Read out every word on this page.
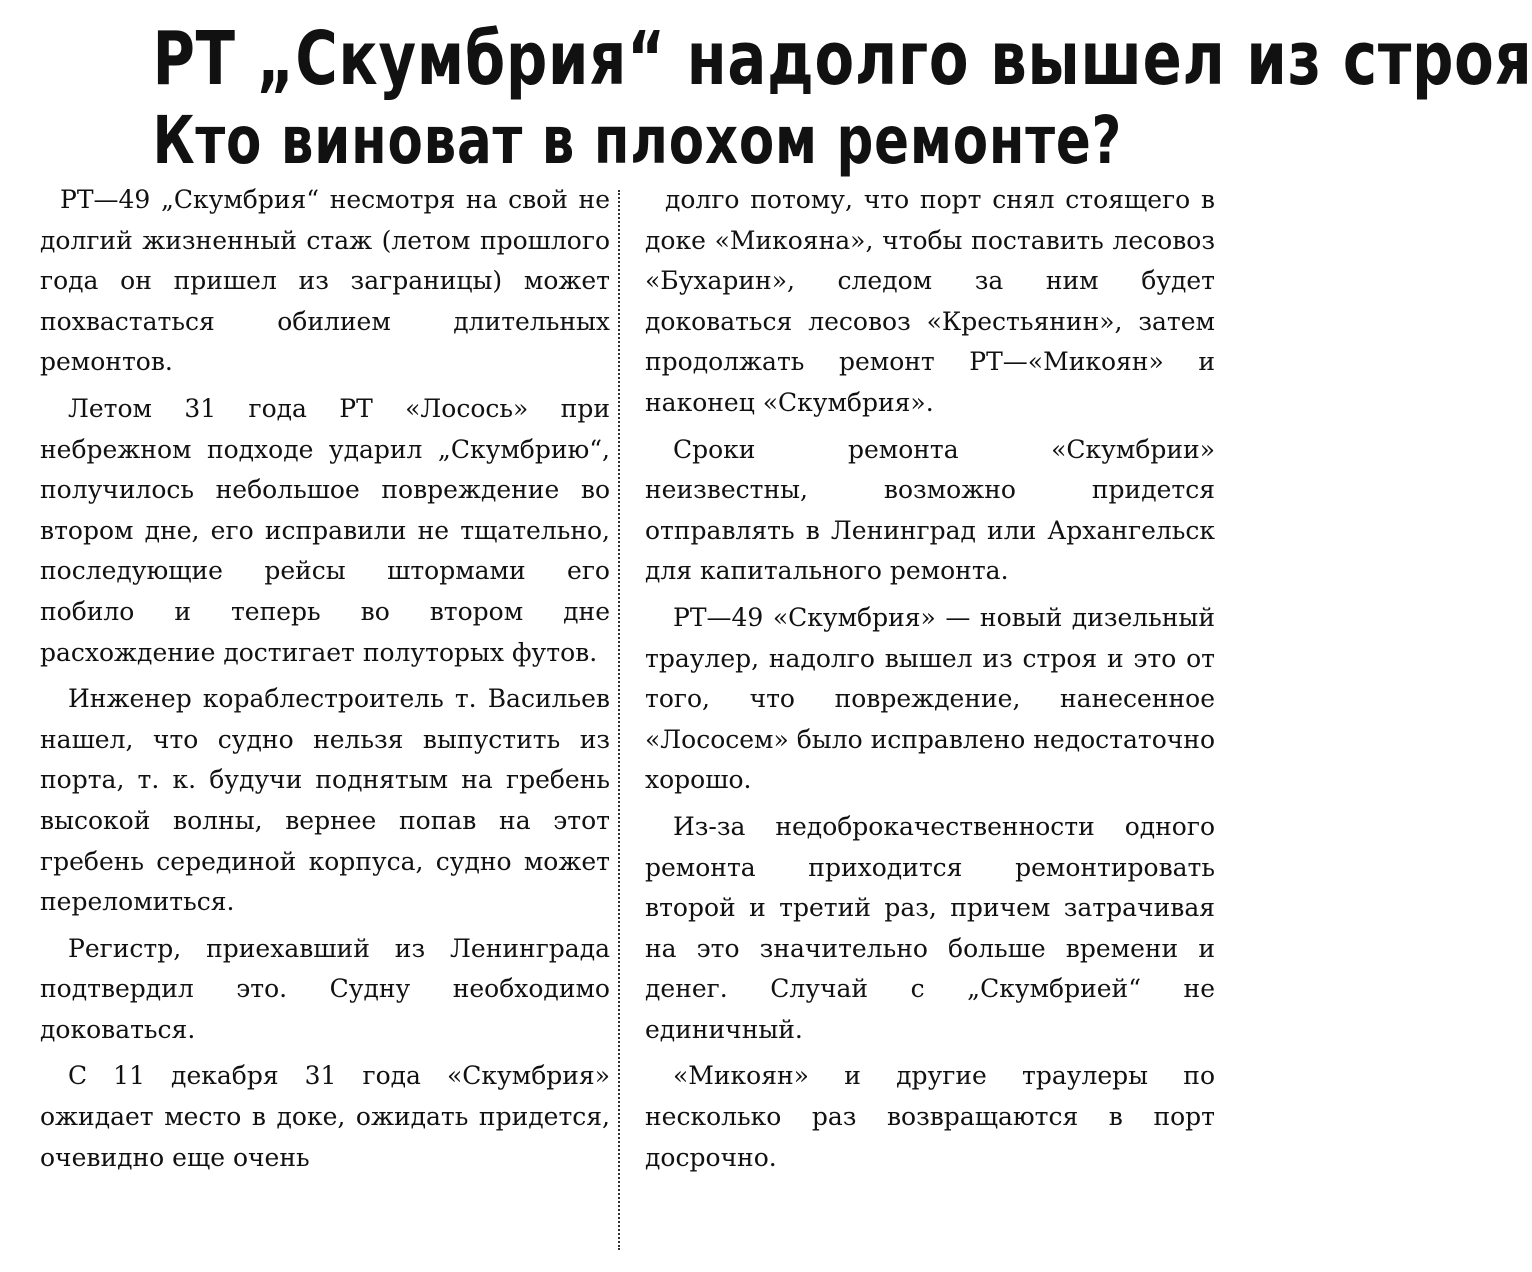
РТ „Скумбрия“ надолго вышел из строя
Кто виноват в плохом ремонте?

РТ—49 „Скумбрия“ несмотря на свой не долгий жизненный стаж (летом прошлого года он пришел из заграницы) может похвастаться обилием длительных ремонтов.

Летом 31 года РТ «Лосось» при небрежном подходе ударил „Скумбрию“, получилось небольшое повреждение во втором дне, его исправили не тщательно, последующие рейсы штормами его побило и теперь во втором дне расхождение достигает полуторых футов.

Инженер кораблестроитель т. Васильев нашел, что судно нельзя выпустить из порта, т. к. будучи поднятым на гребень высокой волны, вернее попав на этот гребень серединой корпуса, судно может переломиться.

Регистр, приехавший из Ленинграда подтвердил это. Судну необходимо доковаться.

С 11 декабря 31 года «Скумбрия» ожидает место в доке, ожидать придется, очевидно еще очень

долго потому, что порт снял стоящего в доке «Микояна», чтобы поставить лесовоз «Бухарин», следом за ним будет доковаться лесовоз «Крестьянин», затем продолжать ремонт РТ—«Микоян» и наконец «Скумбрия».

Сроки ремонта «Скумбрии» неизвестны, возможно придется отправлять в Ленинград или Архангельск для капитального ремонта.

РТ—49 «Скумбрия» — новый дизельный траулер, надолго вышел из строя и это от того, что повреждение, нанесенное «Лососем» было исправлено недостаточно хорошо.

Из-за недоброкачественности одного ремонта приходится ремонтировать второй и третий раз, причем затрачивая на это значительно больше времени и денег. Случай с „Скумбрией“ не единичный.

«Микоян» и другие траулеры по несколько раз возвращаются в порт досрочно.
